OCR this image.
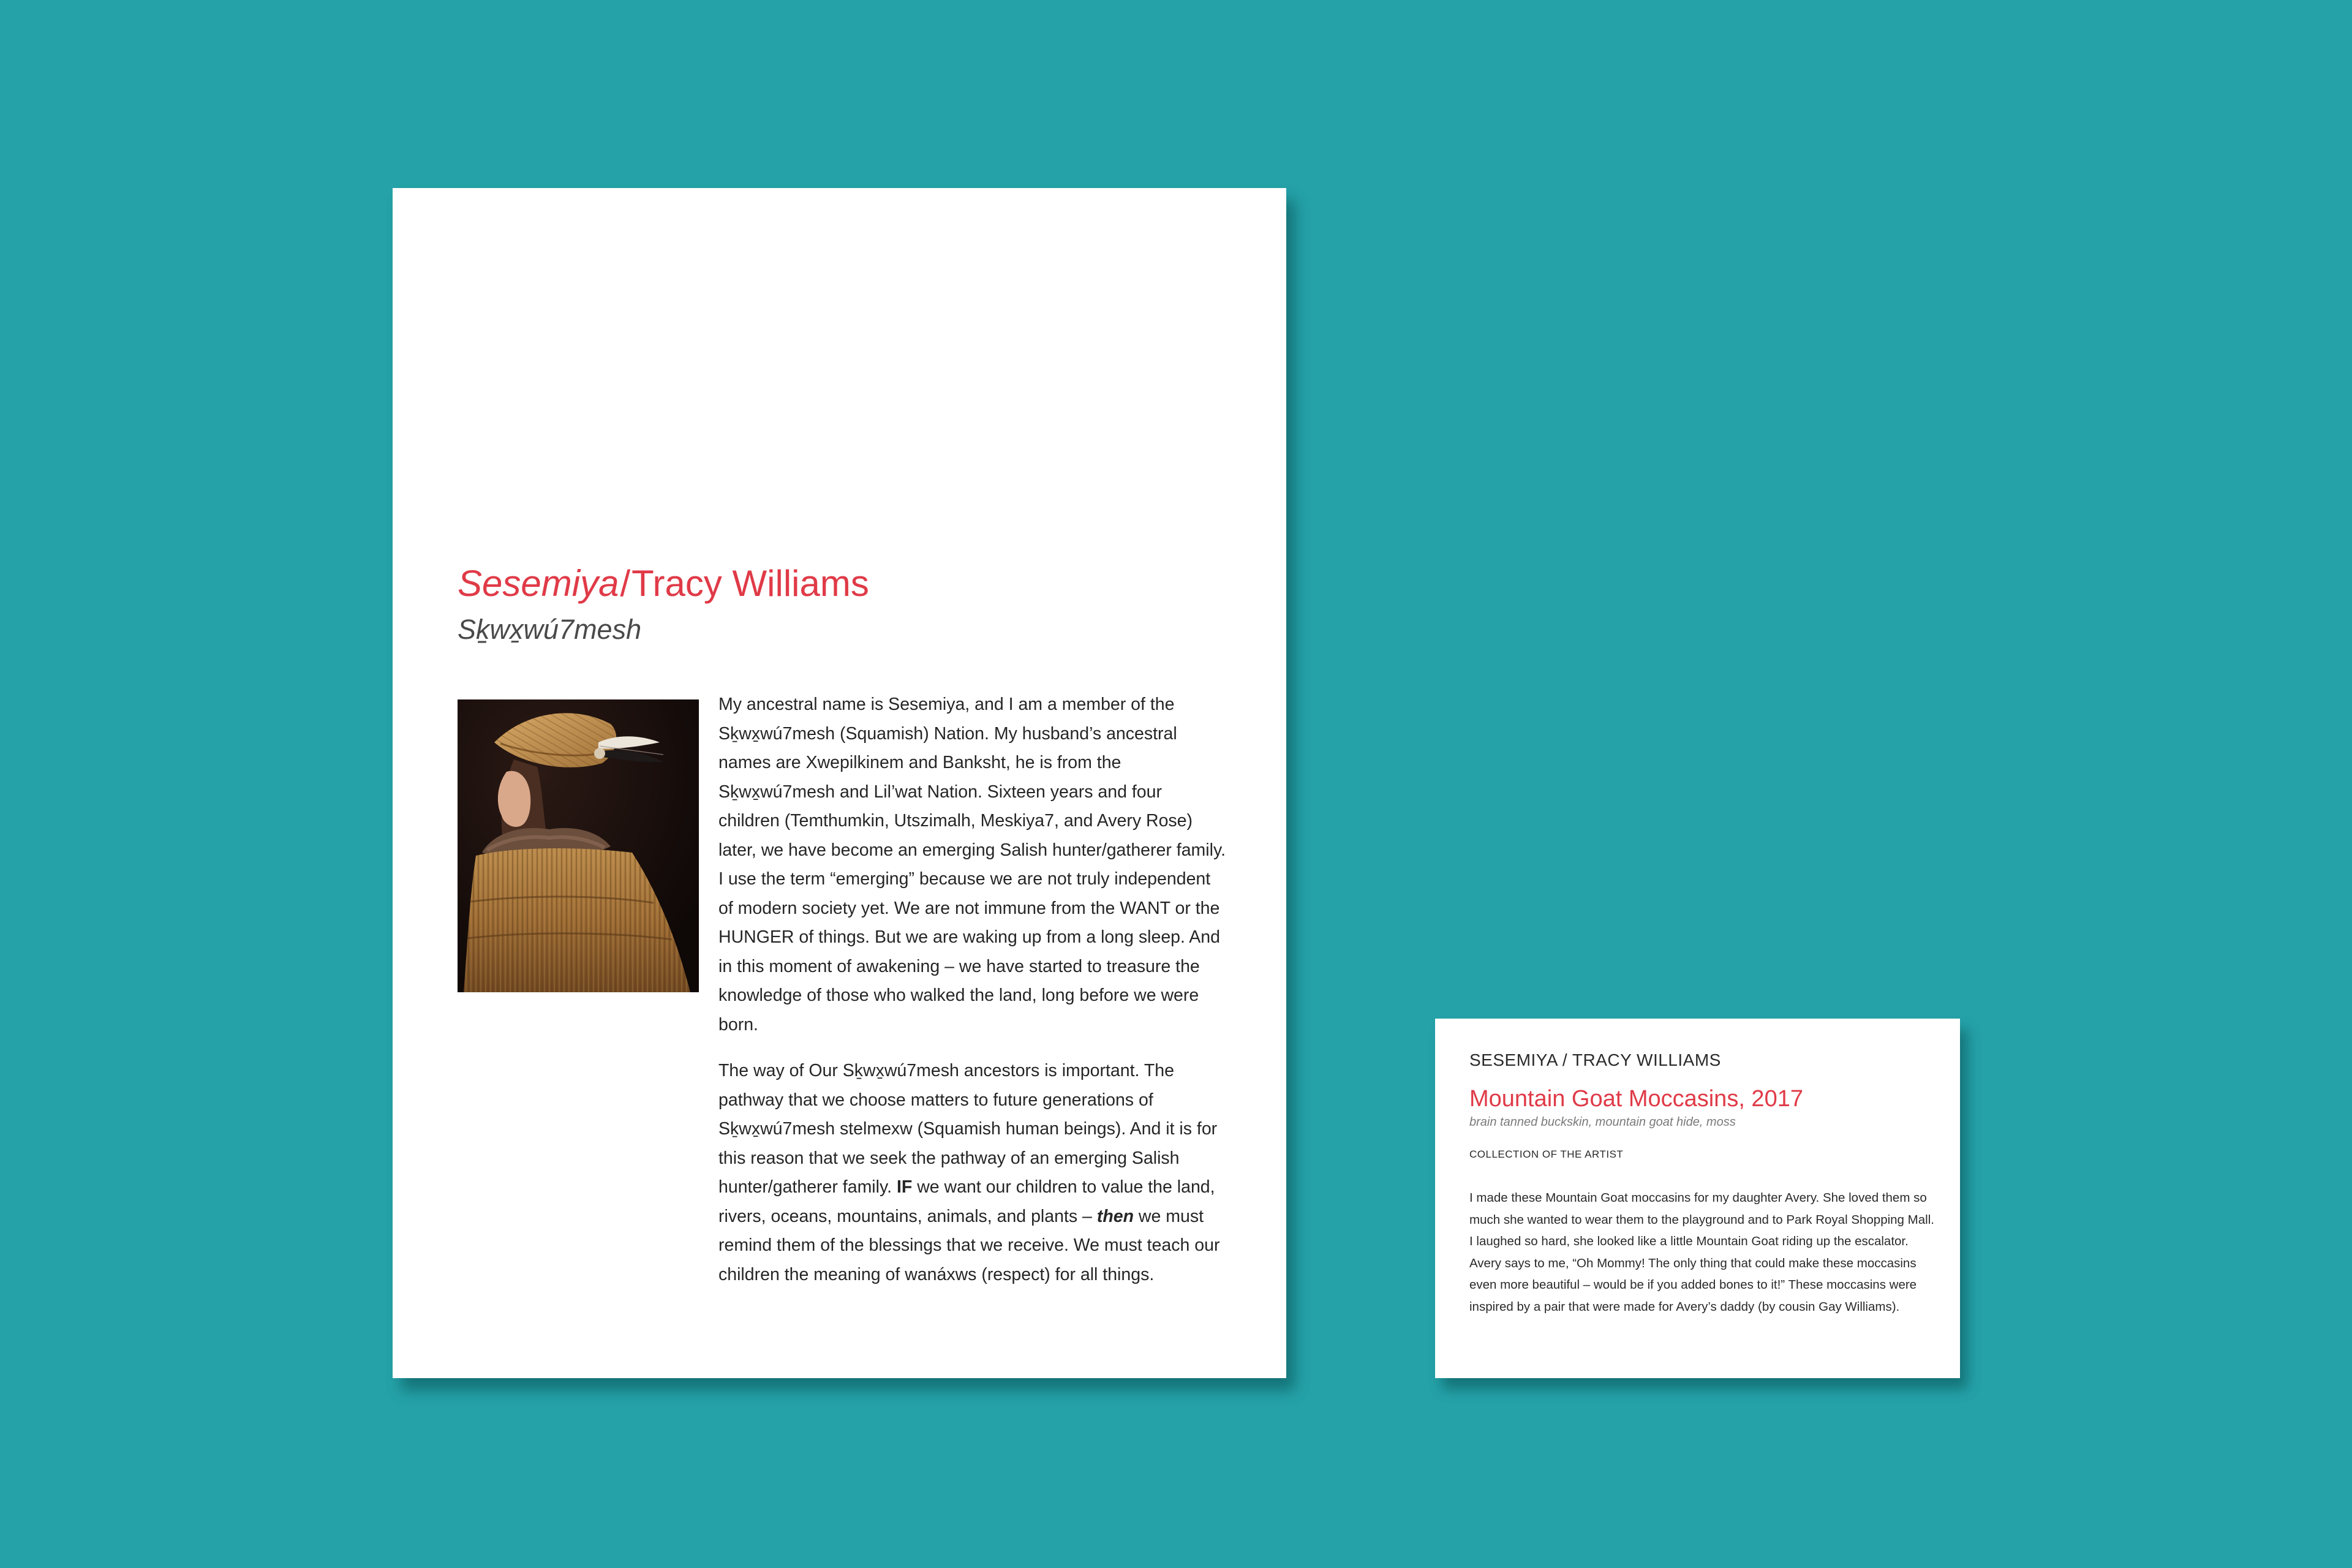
Sesemiya/Tracy Williams
Sḵwx̱wú7mesh

My ancestral name is Sesemiya, and I am a member of the Sḵwx̱wú7mesh (Squamish) Nation. My husband’s ancestral names are Xwepilkinem and Banksht, he is from the Sḵwx̱wú7mesh and Lil’wat Nation. Sixteen years and four children (Temthumkin, Utszimalh, Meskiya7, and Avery Rose) later, we have become an emerging Salish hunter/gatherer family. I use the term “emerging” because we are not truly independent of modern society yet. We are not immune from the WANT or the HUNGER of things. But we are waking up from a long sleep. And in this moment of awakening – we have started to treasure the knowledge of those who walked the land, long before we were born.

The way of Our Sḵwx̱wú7mesh ancestors is important. The pathway that we choose matters to future generations of Sḵwx̱wú7mesh stelmexw (Squamish human beings). And it is for this reason that we seek the pathway of an emerging Salish hunter/gatherer family. IF we want our children to value the land, rivers, oceans, mountains, animals, and plants – then we must remind them of the blessings that we receive. We must teach our children the meaning of wanáxws (respect) for all things.

SESEMIYA / TRACY WILLIAMS

Mountain Goat Moccasins, 2017

brain tanned buckskin, mountain goat hide, moss

COLLECTION OF THE ARTIST

I made these Mountain Goat moccasins for my daughter Avery. She loved them so much she wanted to wear them to the playground and to Park Royal Shopping Mall. I laughed so hard, she looked like a little Mountain Goat riding up the escalator. Avery says to me, “Oh Mommy! The only thing that could make these moccasins even more beautiful – would be if you added bones to it!” These moccasins were inspired by a pair that were made for Avery’s daddy (by cousin Gay Williams).
